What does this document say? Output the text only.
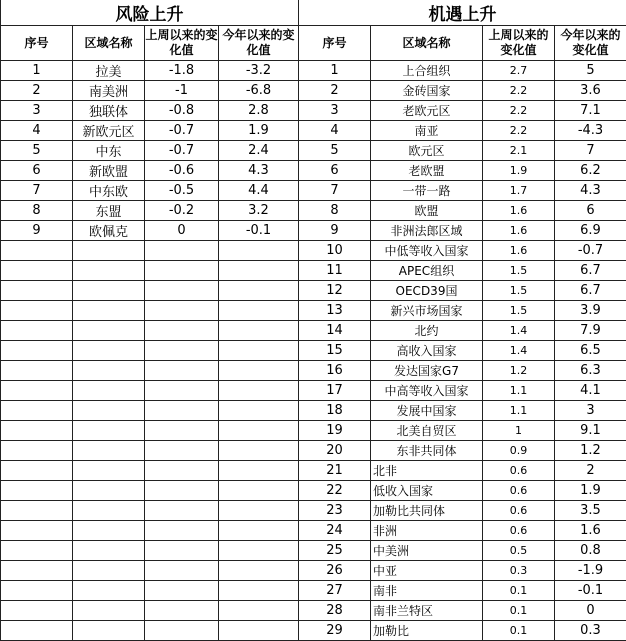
风险上升			
序号	区域名称	上周以来的变化值	今年以来的变化值
1	拉美	-1.8	-3.2
2	南美洲	-1	-6.8
3	独联体	-0.8	2.8
4	新欧元区	-0.7	1.9
5	中东	-0.7	2.4
6	新欧盟	-0.6	4.3
7	中东欧	-0.5	4.4
8	东盟	-0.2	3.2
9	欧佩克	0	-0.1

机遇上升			
序号	区域名称	上周以来的变化值	今年以来的变化值
1	上合组织	2.7	5
2	金砖国家	2.2	3.6
3	老欧元区	2.2	7.1
4	南亚	2.2	-4.3
5	欧元区	2.1	7
6	老欧盟	1.9	6.2
7	一带一路	1.7	4.3
8	欧盟	1.6	6
9	非洲法郎区域	1.6	6.9
10	中低等收入国家	1.6	-0.7
11	APEC组织	1.5	6.7
12	OECD39国	1.5	6.7
13	新兴市场国家	1.5	3.9
14	北约	1.4	7.9
15	高收入国家	1.4	6.5
16	发达国家G7	1.2	6.3
17	中高等收入国家	1.1	4.1
18	发展中国家	1.1	3
19	北美自贸区	1	9.1
20	东非共同体	0.9	1.2
21	北非	0.6	2
22	低收入国家	0.6	1.9
23	加勒比共同体	0.6	3.5
24	非洲	0.6	1.6
25	中美洲	0.5	0.8
26	中亚	0.3	-1.9
27	南非	0.1	-0.1
28	南非兰特区	0.1	0
29	加勒比	0.1	0.3
